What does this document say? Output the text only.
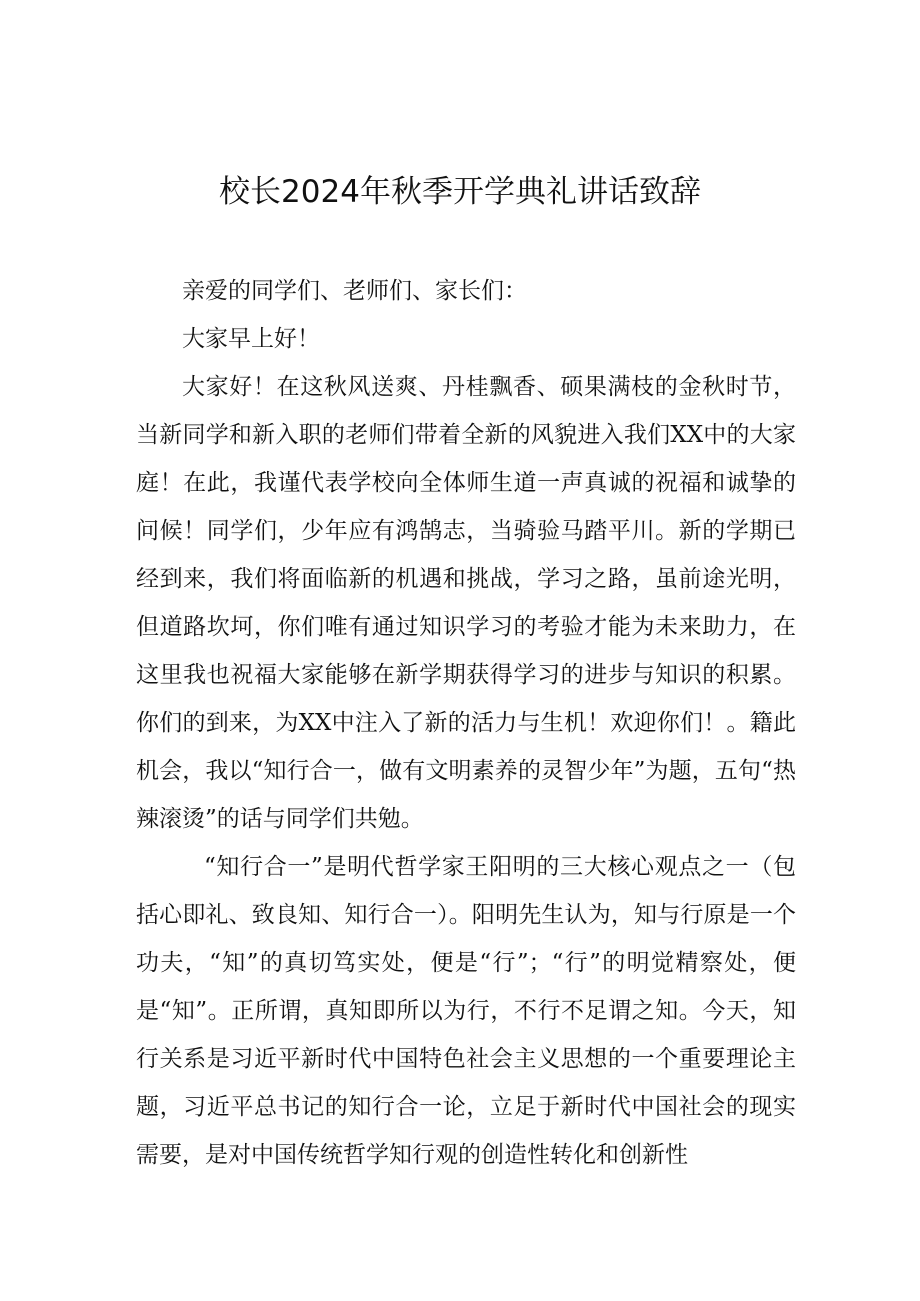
校长2024年秋季开学典礼讲话致辞

亲爱的同学们、老师们、家长们：

大家早上好！

大家好！在这秋风送爽、丹桂飘香、硕果满枝的金秋时节，当新同学和新入职的老师们带着全新的风貌进入我们XX中的大家庭！在此，我谨代表学校向全体师生道一声真诚的祝福和诚挚的问候！同学们，少年应有鸿鹄志，当骑验马踏平川。新的学期已经到来，我们将面临新的机遇和挑战，学习之路，虽前途光明，但道路坎坷，你们唯有通过知识学习的考验才能为未来助力，在这里我也祝福大家能够在新学期获得学习的进步与知识的积累。你们的到来，为XX中注入了新的活力与生机！欢迎你们！。籍此机会，我以“知行合一，做有文明素养的灵智少年”为题，五句“热辣滚烫”的话与同学们共勉。

“知行合一”是明代哲学家王阳明的三大核心观点之一（包括心即礼、致良知、知行合一）。阳明先生认为，知与行原是一个功夫，“知”的真切笃实处，便是“行”；“行”的明觉精察处，便是“知”。正所谓，真知即所以为行，不行不足谓之知。今天，知行关系是习近平新时代中国特色社会主义思想的一个重要理论主题，习近平总书记的知行合一论，立足于新时代中国社会的现实需要，是对中国传统哲学知行观的创造性转化和创新性
